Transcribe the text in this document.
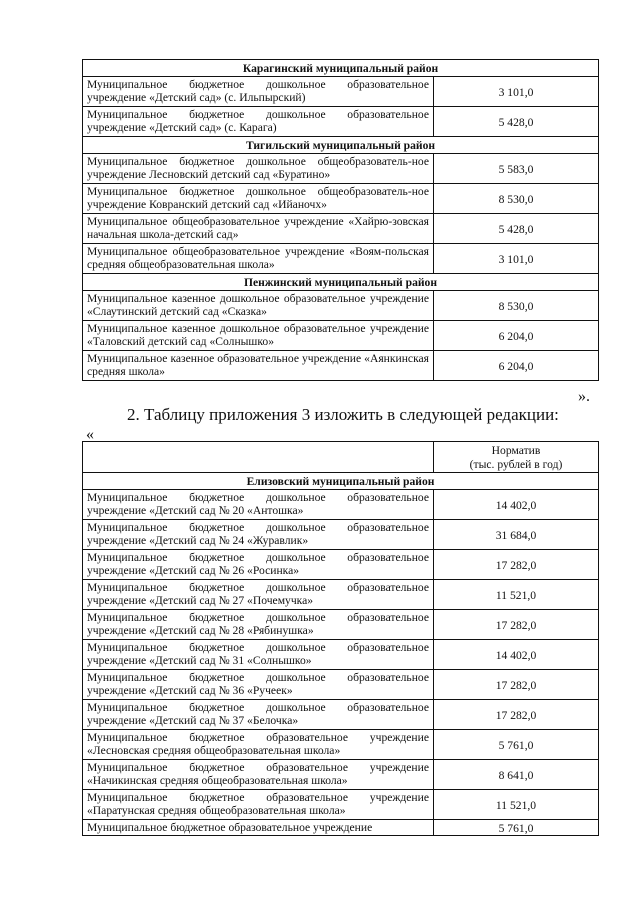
Карагинский муниципальный район	
Муниципальное бюджетное дошкольное образовательное учреждение «Детский сад» (с. Ильпырский)	3 101,0
Муниципальное бюджетное дошкольное образовательное учреждение «Детский сад» (с. Карага)	5 428,0
Тигильский муниципальный район	
Муниципальное бюджетное дошкольное общеобразователь-ное учреждение Лесновский детский сад «Буратино»	5 583,0
Муниципальное бюджетное дошкольное общеобразователь-ное учреждение Ковранский детский сад «Ийаночх»	8 530,0
Муниципальное общеобразовательное учреждение «Хайрю-зовская начальная школа-детский сад»	5 428,0
Муниципальное общеобразовательное учреждение «Воям-польская средняя общеобразовательная школа»	3 101,0
Пенжинский муниципальный район	
Муниципальное казенное дошкольное образовательное учреждение «Слаутинский детский сад «Сказка»	8 530,0
Муниципальное казенное дошкольное образовательное учреждение «Таловский детский сад «Солнышко»	6 204,0
Муниципальное казенное образовательное учреждение «Аянкинская средняя школа»	6 204,0
».
2. Таблицу приложения 3 изложить в следующей редакции:
«

	Норматив
(тыс. рублей в год)

Елизовский муниципальный район	
Муниципальное бюджетное дошкольное образовательное учреждение «Детский сад № 20 «Антошка»	14 402,0
Муниципальное бюджетное дошкольное образовательное учреждение «Детский сад № 24 «Журавлик»	31 684,0
Муниципальное бюджетное дошкольное образовательное учреждение «Детский сад № 26 «Росинка»	17 282,0
Муниципальное бюджетное дошкольное образовательное учреждение «Детский сад № 27 «Почемучка»	11 521,0
Муниципальное бюджетное дошкольное образовательное учреждение «Детский сад № 28 «Рябинушка»	17 282,0
Муниципальное бюджетное дошкольное образовательное учреждение «Детский сад № 31 «Солнышко»	14 402,0
Муниципальное бюджетное дошкольное образовательное учреждение «Детский сад № 36 «Ручеек»	17 282,0
Муниципальное бюджетное дошкольное образовательное учреждение «Детский сад № 37 «Белочка»	17 282,0
Муниципальное бюджетное образовательное учреждение «Лесновская средняя общеобразовательная школа»	5 761,0
Муниципальное бюджетное образовательное учреждение «Начикинская средняя общеобразовательная школа»	8 641,0
Муниципальное бюджетное образовательное учреждение «Паратунская средняя общеобразовательная школа»	11 521,0
Муниципальное бюджетное образовательное учреждение	5 761,0
